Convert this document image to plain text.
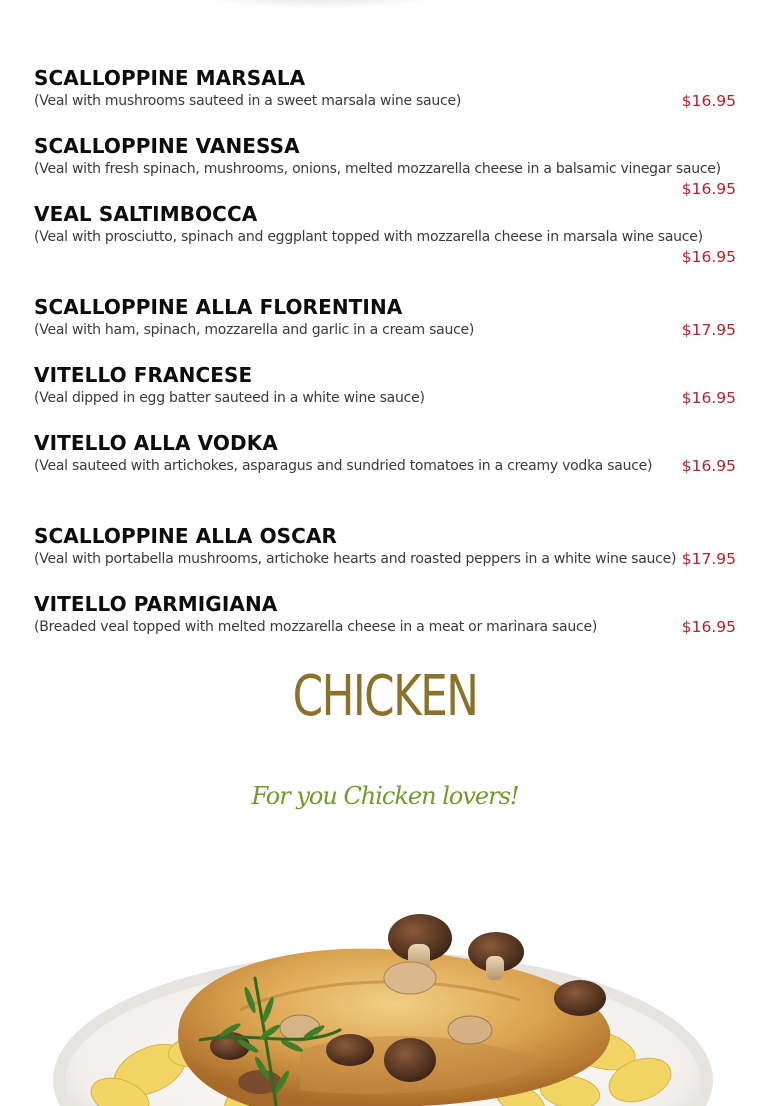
SCALLOPPINE MARSALA
(Veal with mushrooms sauteed in a sweet marsala wine sauce)	$16.95
SCALLOPPINE VANESSA
(Veal with fresh spinach, mushrooms, onions, melted mozzarella cheese in a balsamic vinegar sauce)
$16.95
VEAL SALTIMBOCCA
(Veal with prosciutto, spinach and eggplant topped with mozzarella cheese in marsala wine sauce)
$16.95
SCALLOPPINE ALLA FLORENTINA
(Veal with ham, spinach, mozzarella and garlic in a cream sauce)	$17.95
VITELLO FRANCESE
(Veal dipped in egg batter sauteed in a white wine sauce)	$16.95
VITELLO ALLA VODKA
(Veal sauteed with artichokes, asparagus and sundried tomatoes in a creamy vodka sauce) $16.95
SCALLOPPINE ALLA OSCAR
(Veal with portabella mushrooms, artichoke hearts and roasted peppers in a white wine sauce) $17.95
VITELLO PARMIGIANA
(Breaded veal topped with melted mozzarella cheese in a meat or marinara sauce)	$16.95
CHICKEN
For you Chicken lovers!
